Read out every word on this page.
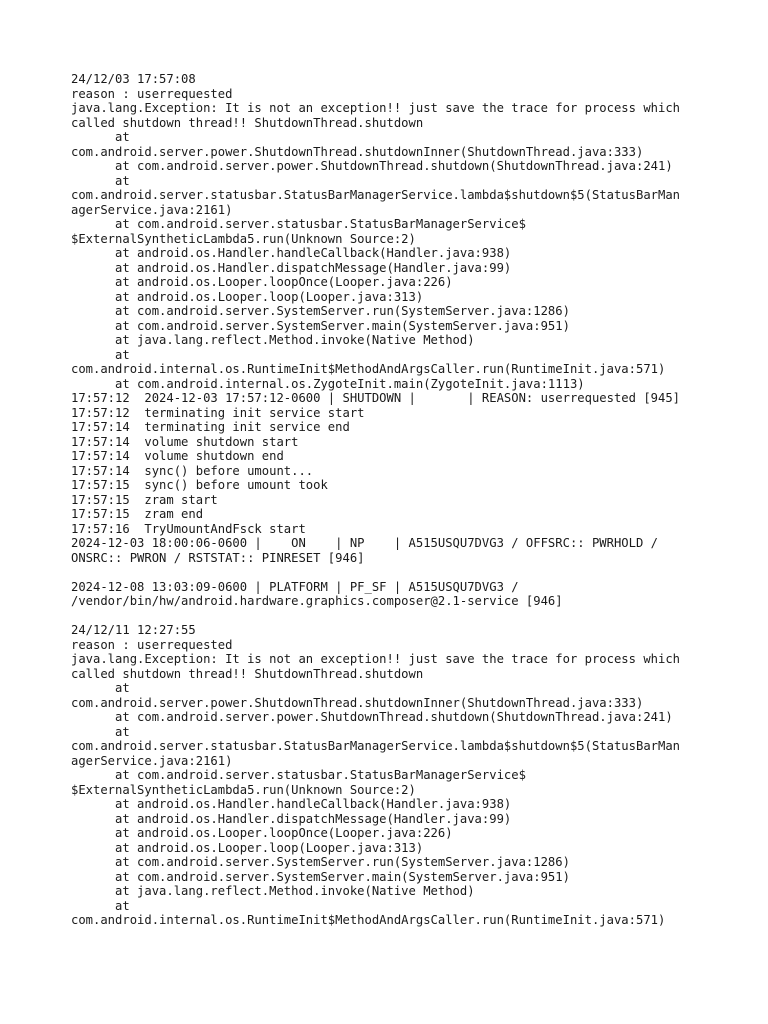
24/12/03 17:57:08
reason : userrequested
java.lang.Exception: It is not an exception!! just save the trace for process which
called shutdown thread!! ShutdownThread.shutdown
at
com.android.server.power.ShutdownThread.shutdownInner(ShutdownThread.java:333)
at com.android.server.power.ShutdownThread.shutdown(ShutdownThread.java:241)
at
com.android.server.statusbar.StatusBarManagerService.lambda$shutdown$5(StatusBarMan
agerService.java:2161)
at com.android.server.statusbar.StatusBarManagerService$
$ExternalSyntheticLambda5.run(Unknown Source:2)
at android.os.Handler.handleCallback(Handler.java:938)
at android.os.Handler.dispatchMessage(Handler.java:99)
at android.os.Looper.loopOnce(Looper.java:226)
at android.os.Looper.loop(Looper.java:313)
at com.android.server.SystemServer.run(SystemServer.java:1286)
at com.android.server.SystemServer.main(SystemServer.java:951)
at java.lang.reflect.Method.invoke(Native Method)
at
com.android.internal.os.RuntimeInit$MethodAndArgsCaller.run(RuntimeInit.java:571)
at com.android.internal.os.ZygoteInit.main(ZygoteInit.java:1113)
17:57:12  2024-12-03 17:57:12-0600 | SHUTDOWN |       | REASON: userrequested [945]
17:57:12  terminating init service start
17:57:14  terminating init service end
17:57:14  volume shutdown start
17:57:14  volume shutdown end
17:57:14  sync() before umount...
17:57:15  sync() before umount took
17:57:15  zram start
17:57:15  zram end
17:57:16  TryUmountAndFsck start
2024-12-03 18:00:06-0600 |    ON    | NP    | A515USQU7DVG3 / OFFSRC:: PWRHOLD /
ONSRC:: PWRON / RSTSTAT:: PINRESET [946]

2024-12-08 13:03:09-0600 | PLATFORM | PF_SF | A515USQU7DVG3 /
/vendor/bin/hw/android.hardware.graphics.composer@2.1-service [946]

24/12/11 12:27:55
reason : userrequested
java.lang.Exception: It is not an exception!! just save the trace for process which
called shutdown thread!! ShutdownThread.shutdown
at
com.android.server.power.ShutdownThread.shutdownInner(ShutdownThread.java:333)
at com.android.server.power.ShutdownThread.shutdown(ShutdownThread.java:241)
at
com.android.server.statusbar.StatusBarManagerService.lambda$shutdown$5(StatusBarMan
agerService.java:2161)
at com.android.server.statusbar.StatusBarManagerService$
$ExternalSyntheticLambda5.run(Unknown Source:2)
at android.os.Handler.handleCallback(Handler.java:938)
at android.os.Handler.dispatchMessage(Handler.java:99)
at android.os.Looper.loopOnce(Looper.java:226)
at android.os.Looper.loop(Looper.java:313)
at com.android.server.SystemServer.run(SystemServer.java:1286)
at com.android.server.SystemServer.main(SystemServer.java:951)
at java.lang.reflect.Method.invoke(Native Method)
at
com.android.internal.os.RuntimeInit$MethodAndArgsCaller.run(RuntimeInit.java:571)
